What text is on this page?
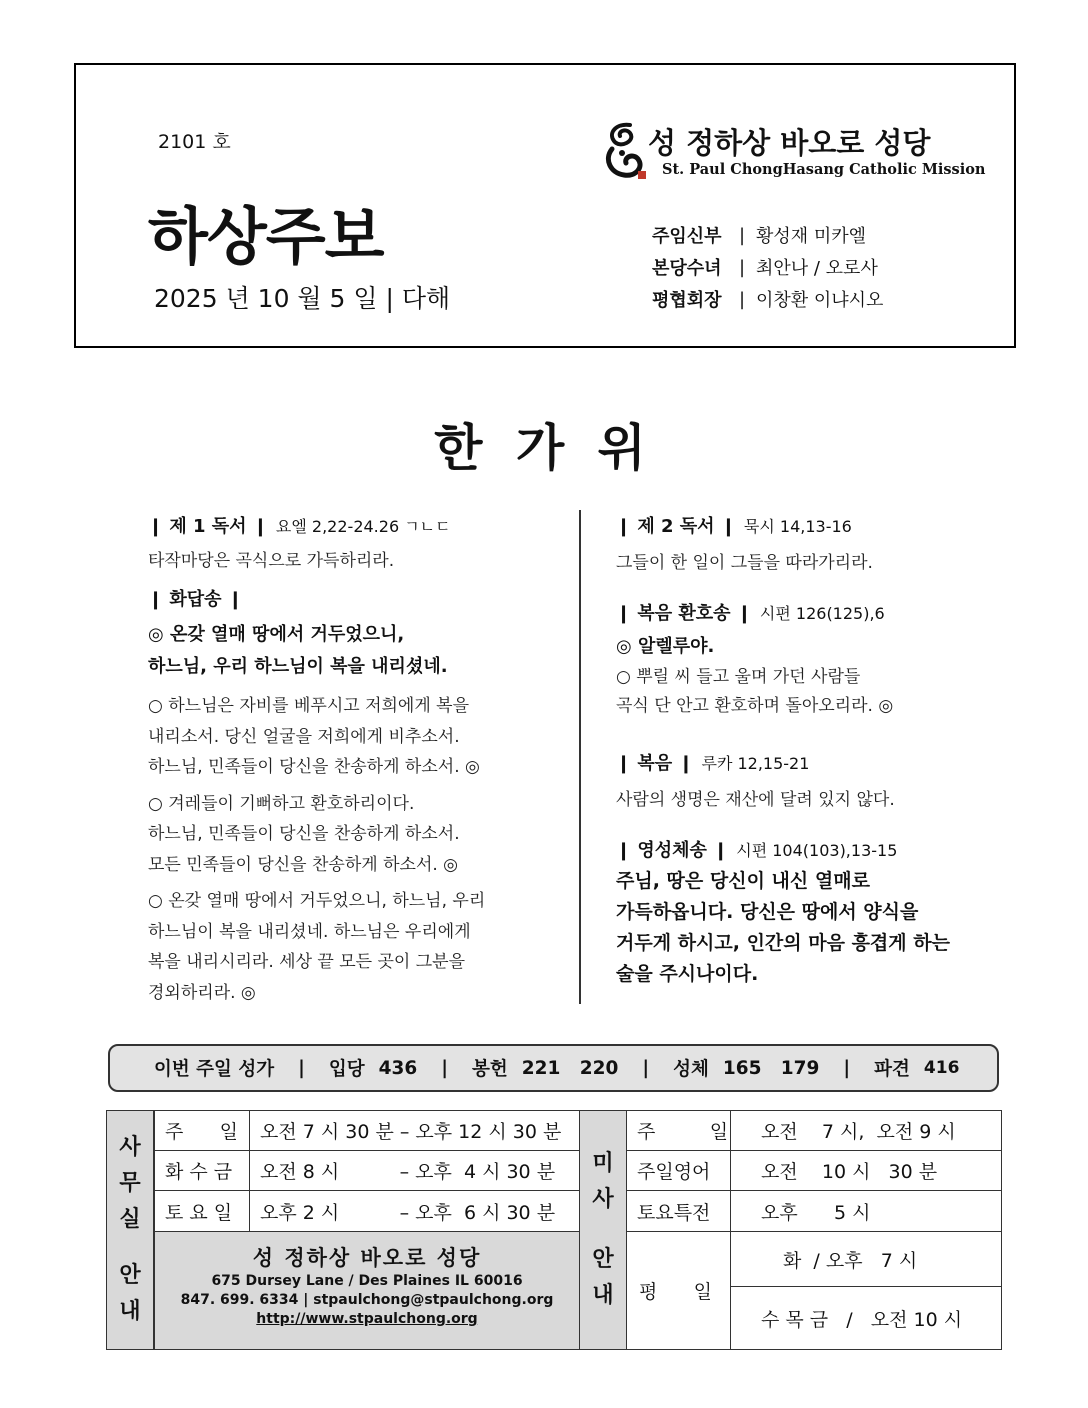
2101 호
하상주보
2025 년 10 월 5 일 | 다해
성 정하상 바오로 성당
St. Paul ChongHasang Catholic Mission
주임신부 | 황성재 미카엘
본당수녀 | 최안나 / 오로사
평협회장 | 이창환 이냐시오
한 가 위
❙ 제 1 독서 ❙ 요엘 2,22-24.26 ㄱㄴㄷ
타작마당은 곡식으로 가득하리라.
❙ 화답송 ❙
◎ 온갖 열매 땅에서 거두었으니,
하느님, 우리 하느님이 복을 내리셨네.
○ 하느님은 자비를 베푸시고 저희에게 복을
내리소서. 당신 얼굴을 저희에게 비추소서.
하느님, 민족들이 당신을 찬송하게 하소서. ◎
○ 겨레들이 기뻐하고 환호하리이다.
하느님, 민족들이 당신을 찬송하게 하소서.
모든 민족들이 당신을 찬송하게 하소서. ◎
○ 온갖 열매 땅에서 거두었으니, 하느님, 우리
하느님이 복을 내리셨네. 하느님은 우리에게
복을 내리시리라. 세상 끝 모든 곳이 그분을
경외하리라. ◎
❙ 제 2 독서 ❙ 묵시 14,13-16
그들이 한 일이 그들을 따라가리라.
❙ 복음 환호송 ❙ 시편 126(125),6
◎ 알렐루야.
○ 뿌릴 씨 들고 울며 가던 사람들
곡식 단 안고 환호하며 돌아오리라. ◎
❙ 복음 ❙ 루카 12,15-21
사람의 생명은 재산에 달려 있지 않다.
❙ 영성체송 ❙ 시편 104(103),13-15
주님, 땅은 당신이 내신 열매로
가득하옵니다. 당신은 땅에서 양식을
거두게 하시고, 인간의 마음 흥겹게 하는
술을 주시나이다.
이번 주일 성가 | 입당 436 | 봉헌 221   220 | 성체 165   179 | 파견 416
사
무
실
안
내
주      일	오전 7 시 30 분 – 오후 12 시 30 분
화 수 금	오전 8 시          – 오후  4 시 30 분
토 요 일	오후 2 시          – 오후  6 시 30 분
성 정하상 바오로 성당
675 Dursey Lane / Des Plaines IL 60016
847. 699. 6334 | stpaulchong@stpaulchong.org
http://www.stpaulchong.org
미
사
안
내
주         일	오전    7 시,  오전 9 시
주일영어	오전    10 시   30 분
토요특전	오후      5 시
평      일
화  / 오후   7 시
수 목 금   /   오전 10 시
